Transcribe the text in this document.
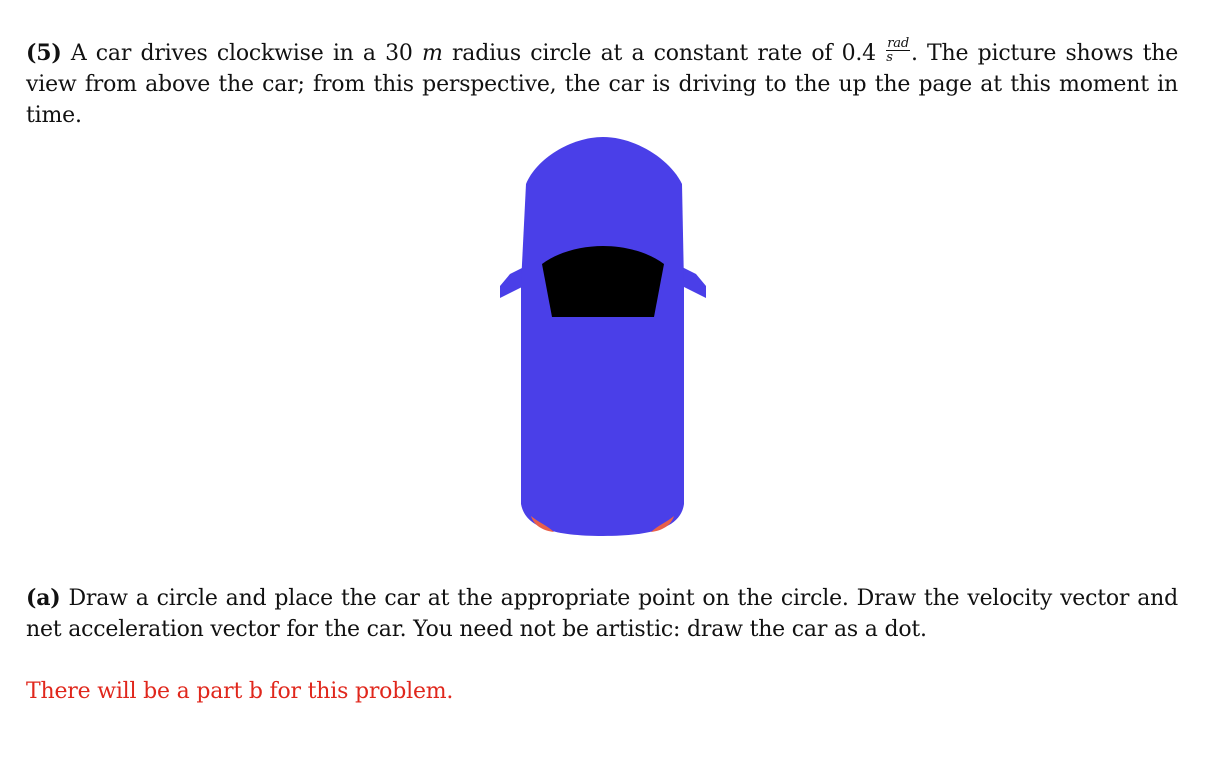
(5) A car drives clockwise in a 30 m radius circle at a constant rate of $0.4 \frac{\text{rad}}{s}$ . The picture shows the view from above the car; from this perspective, the car is driving to the up the page at this moment in time.
(a) Draw a circle and place the car at the appropriate point on the circle. Draw the velocity vector and net acceleration vector for the car. You need not be artistic: draw the car as a dot.
There will be a part b for this problem.
